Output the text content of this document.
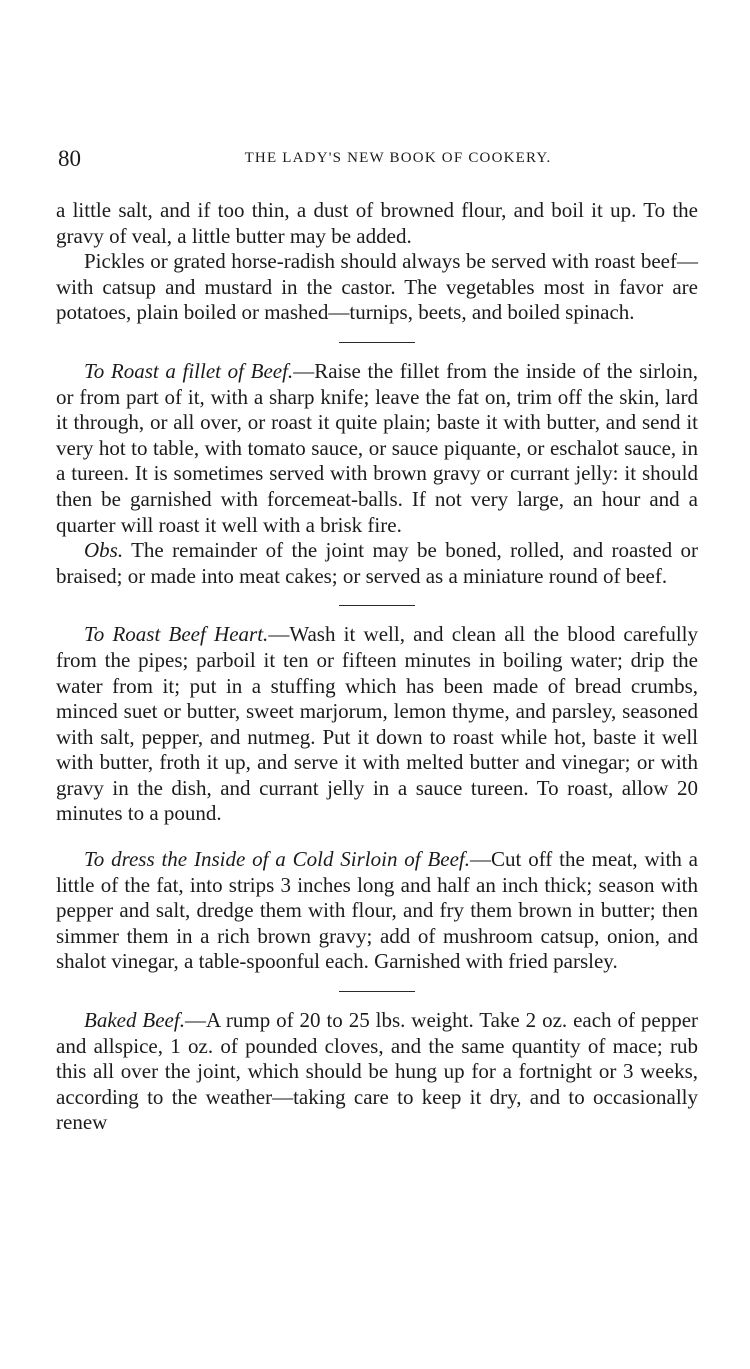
80	THE LADY'S NEW BOOK OF COOKERY.

a little salt, and if too thin, a dust of browned flour, and boil it up. To the gravy of veal, a little butter may be added.

Pickles or grated horse-radish should always be served with roast beef—with catsup and mustard in the castor. The vegetables most in favor are potatoes, plain boiled or mashed—turnips, beets, and boiled spinach.

To Roast a fillet of Beef.—Raise the fillet from the inside of the sirloin, or from part of it, with a sharp knife; leave the fat on, trim off the skin, lard it through, or all over, or roast it quite plain; baste it with butter, and send it very hot to table, with tomato sauce, or sauce piquante, or eschalot sauce, in a tureen. It is sometimes served with brown gravy or currant jelly: it should then be garnished with forcemeat-balls. If not very large, an hour and a quarter will roast it well with a brisk fire.

Obs. The remainder of the joint may be boned, rolled, and roasted or braised; or made into meat cakes; or served as a miniature round of beef.

To Roast Beef Heart.—Wash it well, and clean all the blood carefully from the pipes; parboil it ten or fifteen minutes in boiling water; drip the water from it; put in a stuffing which has been made of bread crumbs, minced suet or butter, sweet marjorum, lemon thyme, and parsley, seasoned with salt, pepper, and nutmeg. Put it down to roast while hot, baste it well with butter, froth it up, and serve it with melted butter and vinegar; or with gravy in the dish, and currant jelly in a sauce tureen. To roast, allow 20 minutes to a pound.

To dress the Inside of a Cold Sirloin of Beef.—Cut off the meat, with a little of the fat, into strips 3 inches long and half an inch thick; season with pepper and salt, dredge them with flour, and fry them brown in butter; then simmer them in a rich brown gravy; add of mushroom catsup, onion, and shalot vinegar, a table-spoonful each. Garnished with fried parsley.

Baked Beef.—A rump of 20 to 25 lbs. weight. Take 2 oz. each of pepper and allspice, 1 oz. of pounded cloves, and the same quantity of mace; rub this all over the joint, which should be hung up for a fortnight or 3 weeks, according to the weather—taking care to keep it dry, and to occasionally renew
